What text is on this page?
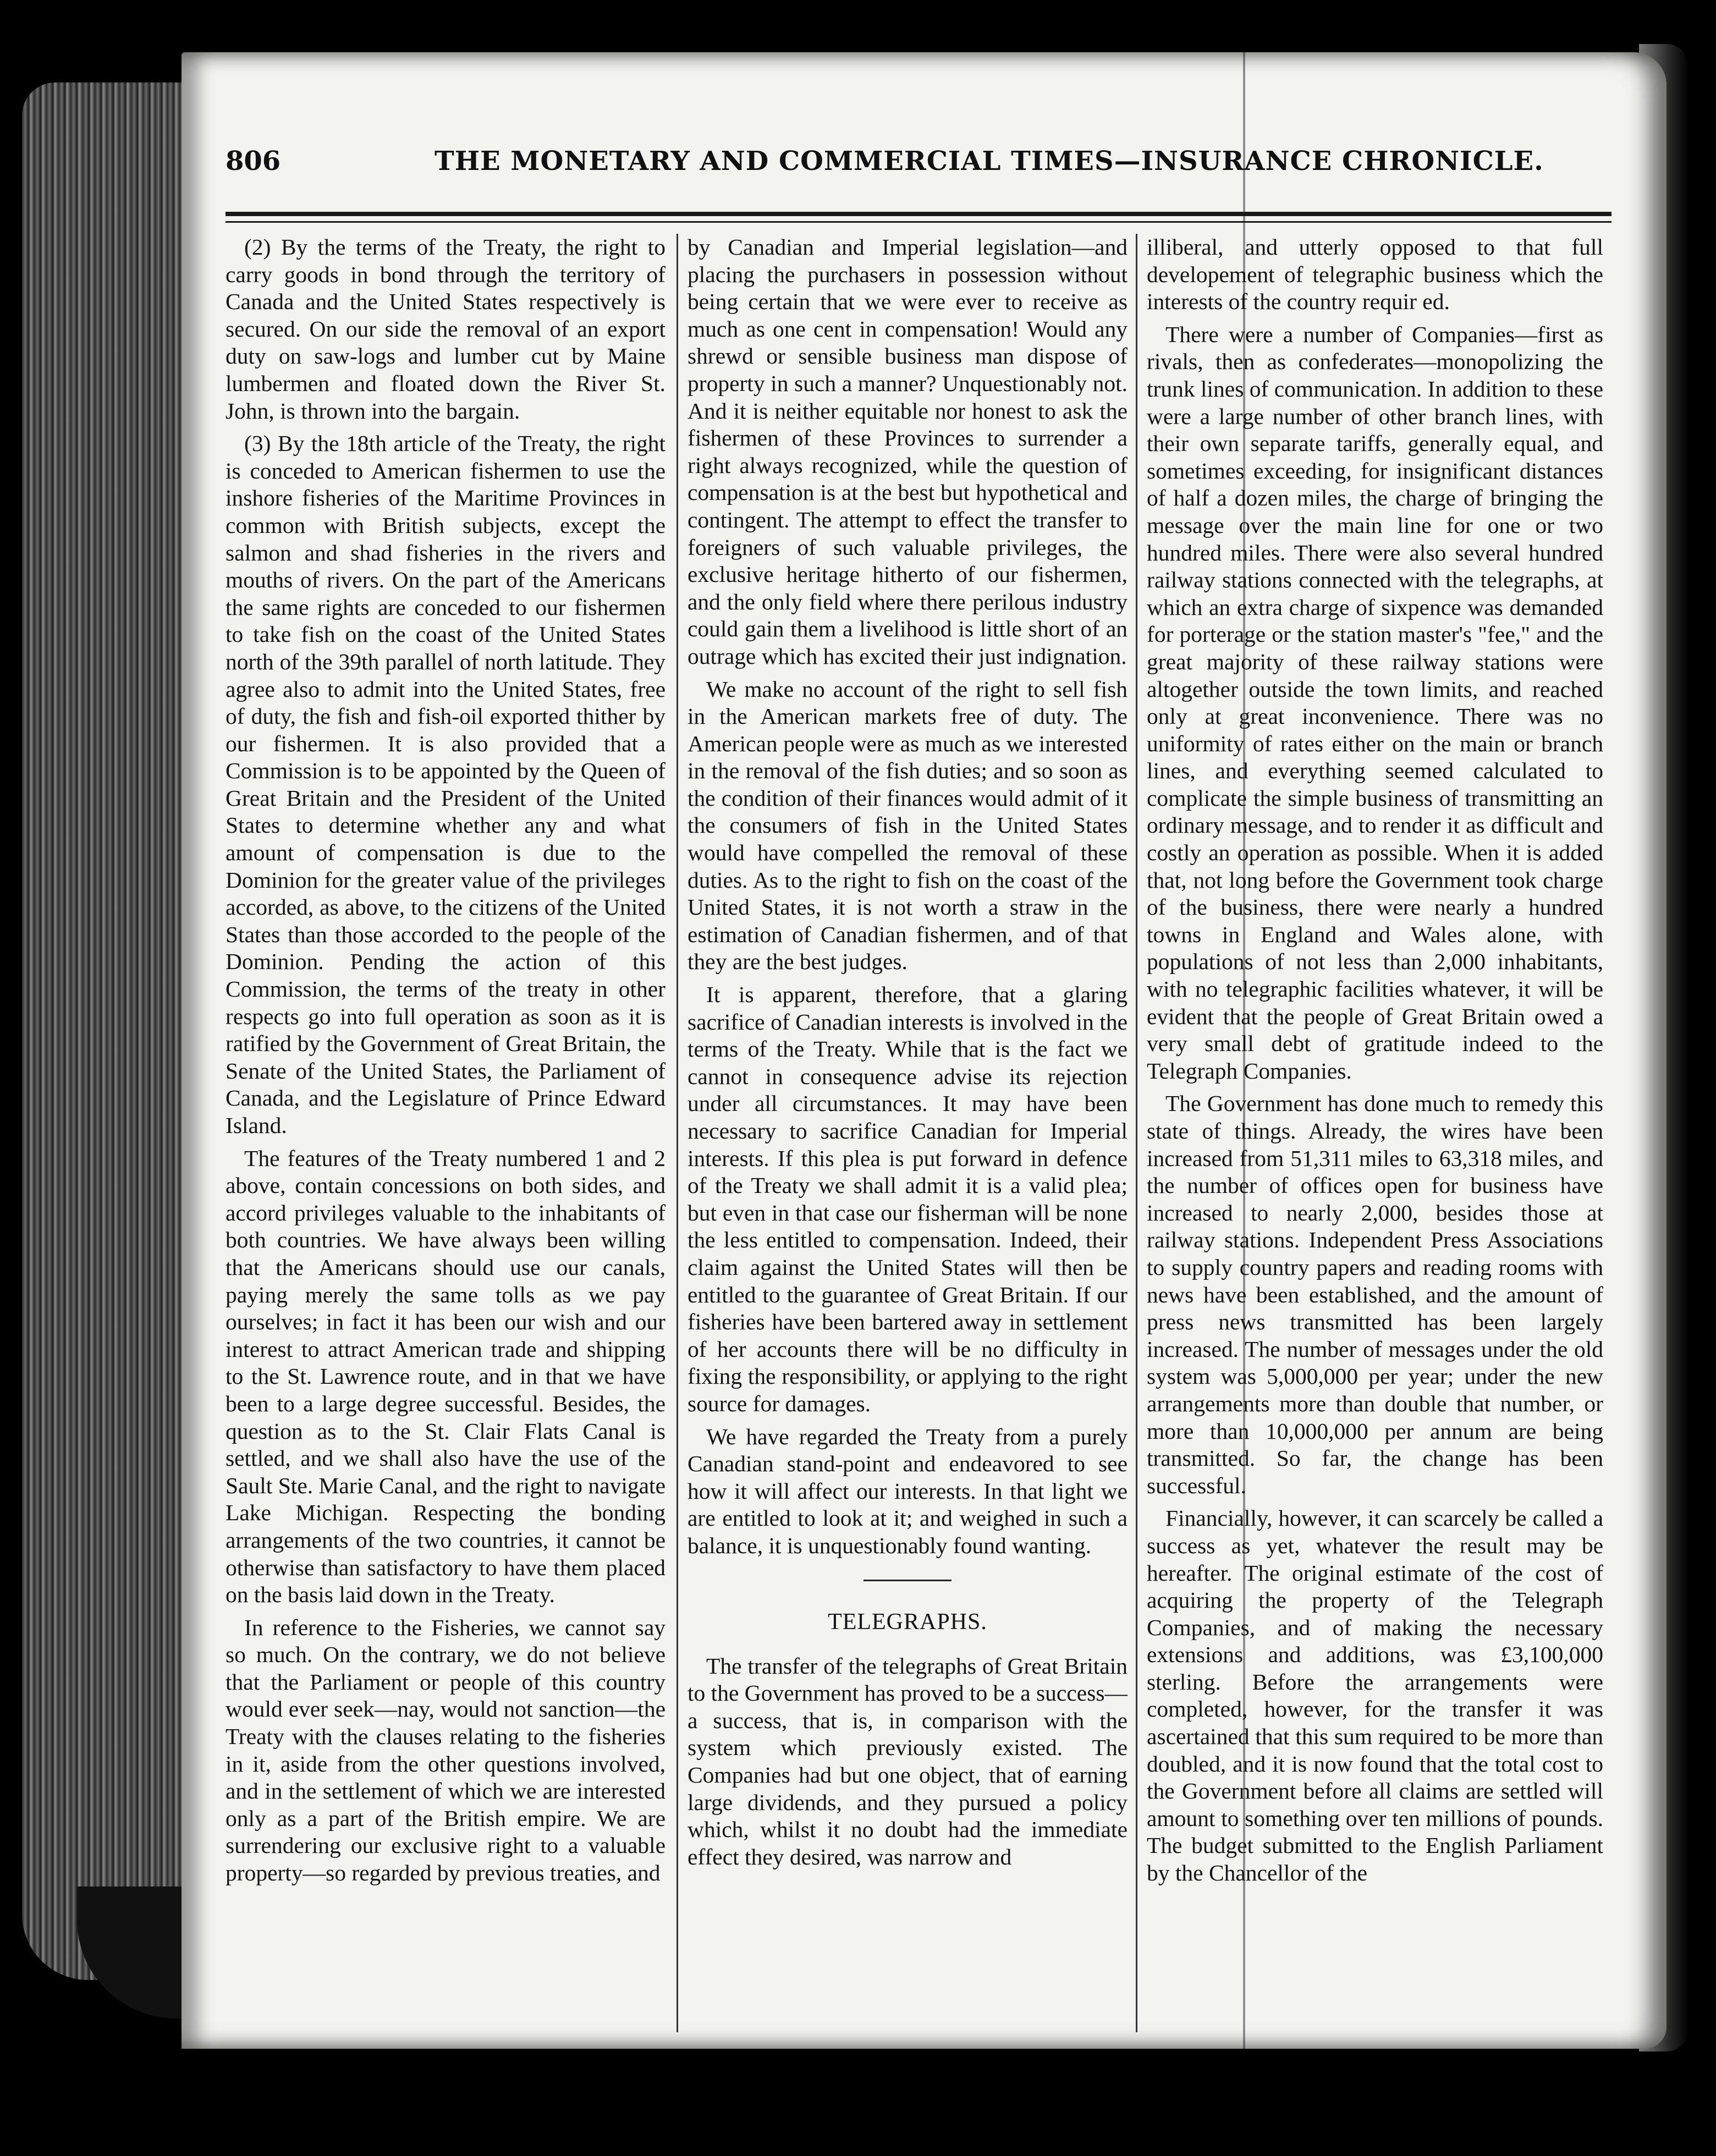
806	THE MONETARY AND COMMERCIAL TIMES—INSURANCE CHRONICLE.

(2) By the terms of the Treaty, the right to carry goods in bond through the territory of Canada and the United States respectively is secured. On our side the removal of an export duty on saw-logs and lumber cut by Maine lumbermen and floated down the River St. John, is thrown into the bargain.

(3) By the 18th article of the Treaty, the right is conceded to American fishermen to use the inshore fisheries of the Maritime Provinces in common with British subjects, except the salmon and shad fisheries in the rivers and mouths of rivers. On the part of the Americans the same rights are conceded to our fishermen to take fish on the coast of the United States north of the 39th parallel of north latitude. They agree also to admit into the United States, free of duty, the fish and fish-oil exported thither by our fishermen. It is also provided that a Commission is to be appointed by the Queen of Great Britain and the President of the United States to determine whether any and what amount of compensation is due to the Dominion for the greater value of the privileges accorded, as above, to the citizens of the United States than those accorded to the people of the Dominion. Pending the action of this Commission, the terms of the treaty in other respects go into full operation as soon as it is ratified by the Government of Great Britain, the Senate of the United States, the Parliament of Canada, and the Legislature of Prince Edward Island.

The features of the Treaty numbered 1 and 2 above, contain concessions on both sides, and accord privileges valuable to the inhabitants of both countries. We have always been willing that the Americans should use our canals, paying merely the same tolls as we pay ourselves; in fact it has been our wish and our interest to attract American trade and shipping to the St. Lawrence route, and in that we have been to a large degree successful. Besides, the question as to the St. Clair Flats Canal is settled, and we shall also have the use of the Sault Ste. Marie Canal, and the right to navigate Lake Michigan. Respecting the bonding arrangements of the two countries, it cannot be otherwise than satisfactory to have them placed on the basis laid down in the Treaty.

In reference to the Fisheries, we cannot say so much. On the contrary, we do not believe that the Parliament or people of this country would ever seek—nay, would not sanction—the Treaty with the clauses relating to the fisheries in it, aside from the other questions involved, and in the settlement of which we are interested only as a part of the British empire. We are surrendering our exclusive right to a valuable property—so regarded by previous treaties, and

by Canadian and Imperial legislation—and placing the purchasers in possession without being certain that we were ever to receive as much as one cent in compensation! Would any shrewd or sensible business man dispose of property in such a manner? Unquestionably not. And it is neither equitable nor honest to ask the fishermen of these Provinces to surrender a right always recognized, while the question of compensation is at the best but hypothetical and contingent. The attempt to effect the transfer to foreigners of such valuable privileges, the exclusive heritage hitherto of our fishermen, and the only field where there perilous industry could gain them a livelihood is little short of an outrage which has excited their just indignation.

We make no account of the right to sell fish in the American markets free of duty. The American people were as much as we interested in the removal of the fish duties; and so soon as the condition of their finances would admit of it the consumers of fish in the United States would have compelled the removal of these duties. As to the right to fish on the coast of the United States, it is not worth a straw in the estimation of Canadian fishermen, and of that they are the best judges.

It is apparent, therefore, that a glaring sacrifice of Canadian interests is involved in the terms of the Treaty. While that is the fact we cannot in consequence advise its rejection under all circumstances. It may have been necessary to sacrifice Canadian for Imperial interests. If this plea is put forward in defence of the Treaty we shall admit it is a valid plea; but even in that case our fisherman will be none the less entitled to compensation. Indeed, their claim against the United States will then be entitled to the guarantee of Great Britain. If our fisheries have been bartered away in settlement of her accounts there will be no difficulty in fixing the responsibility, or applying to the right source for damages.

We have regarded the Treaty from a purely Canadian stand-point and endeavored to see how it will affect our interests. In that light we are entitled to look at it; and weighed in such a balance, it is unquestionably found wanting.

TELEGRAPHS.

The transfer of the telegraphs of Great Britain to the Government has proved to be a success—a success, that is, in comparison with the system which previously existed. The Companies had but one object, that of earning large dividends, and they pursued a policy which, whilst it no doubt had the immediate effect they desired, was narrow and

illiberal, and utterly opposed to that full developement of telegraphic business which the interests of the country requir ed.

There were a number of Companies—first as rivals, then as confederates—monopolizing the trunk lines of communication. In addition to these were a large number of other branch lines, with their own separate tariffs, generally equal, and sometimes exceeding, for insignificant distances of half a dozen miles, the charge of bringing the message over the main line for one or two hundred miles. There were also several hundred railway stations connected with the telegraphs, at which an extra charge of sixpence was demanded for porterage or the station master's "fee," and the great majority of these railway stations were altogether outside the town limits, and reached only at great inconvenience. There was no uniformity of rates either on the main or branch lines, and everything seemed calculated to complicate the simple business of transmitting an ordinary message, and to render it as difficult and costly an operation as possible. When it is added that, not long before the Government took charge of the business, there were nearly a hundred towns in England and Wales alone, with populations of not less than 2,000 inhabitants, with no telegraphic facilities whatever, it will be evident that the people of Great Britain owed a very small debt of gratitude indeed to the Telegraph Companies.

The Government has done much to remedy this state of things. Already, the wires have been increased from 51,311 miles to 63,318 miles, and the number of offices open for business have increased to nearly 2,000, besides those at railway stations. Independent Press Associations to supply country papers and reading rooms with news have been established, and the amount of press news transmitted has been largely increased. The number of messages under the old system was 5,000,000 per year; under the new arrangements more than double that number, or more than 10,000,000 per annum are being transmitted. So far, the change has been successful.

Financially, however, it can scarcely be called a success as yet, whatever the result may be hereafter. The original estimate of the cost of acquiring the property of the Telegraph Companies, and of making the necessary extensions and additions, was £3,100,000 sterling. Before the arrangements were completed, however, for the transfer it was ascertained that this sum required to be more than doubled, and it is now found that the total cost to the Government before all claims are settled will amount to something over ten millions of pounds. The budget submitted to the English Parliament by the Chancellor of the
